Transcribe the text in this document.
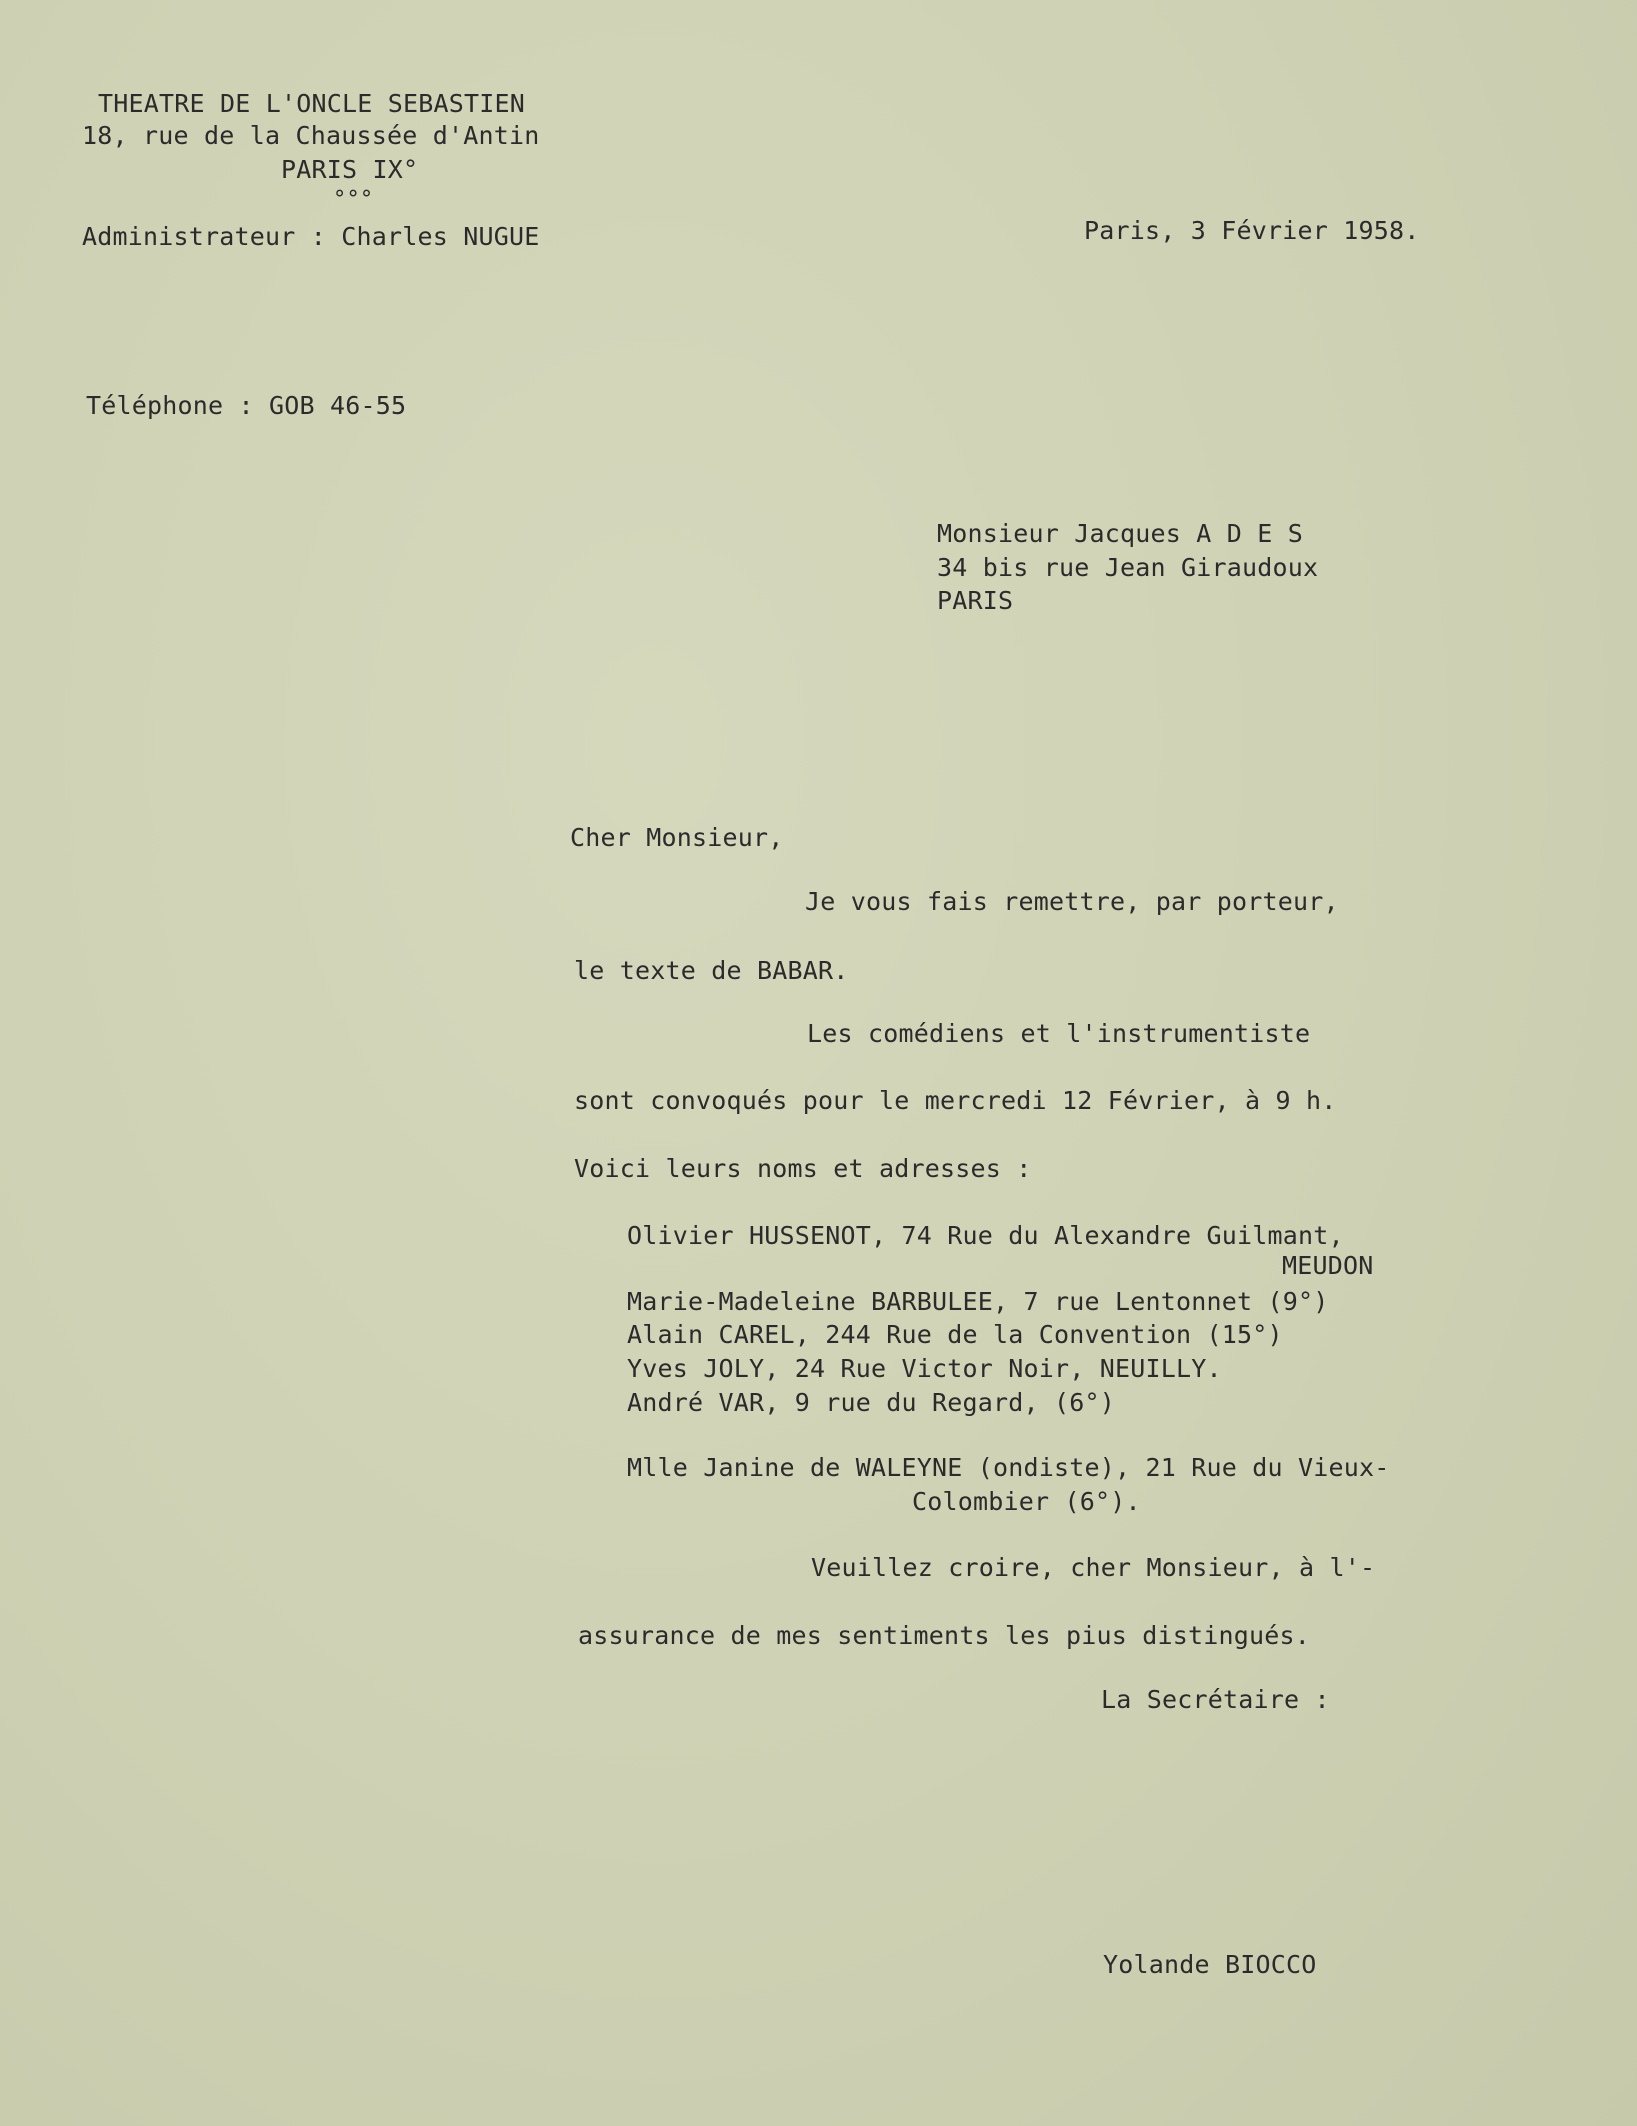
THEATRE DE L'ONCLE SEBASTIEN
18, rue de la Chaussée d'Antin
PARIS IX°
°°°
Administrateur : Charles NUGUE
Téléphone : GOB 46-55
Paris, 3 Février 1958.
Monsieur Jacques A D E S
34 bis rue Jean Giraudoux
PARIS
Cher Monsieur,
Je vous fais remettre, par porteur,
le texte de BABAR.
Les comédiens et l'instrumentiste
sont convoqués pour le mercredi 12 Février, à 9 h.
Voici leurs noms et adresses :
Olivier HUSSENOT, 74 Rue du Alexandre Guilmant,
MEUDON
Marie-Madeleine BARBULEE, 7 rue Lentonnet (9°)
Alain CAREL, 244 Rue de la Convention (15°)
Yves JOLY, 24 Rue Victor Noir, NEUILLY.
André VAR, 9 rue du Regard, (6°)
Mlle Janine de WALEYNE (ondiste), 21 Rue du Vieux-
Colombier (6°).
Veuillez croire, cher Monsieur, à l'-
assurance de mes sentiments les pius distingués.
La Secrétaire :
Yolande BIOCCO
